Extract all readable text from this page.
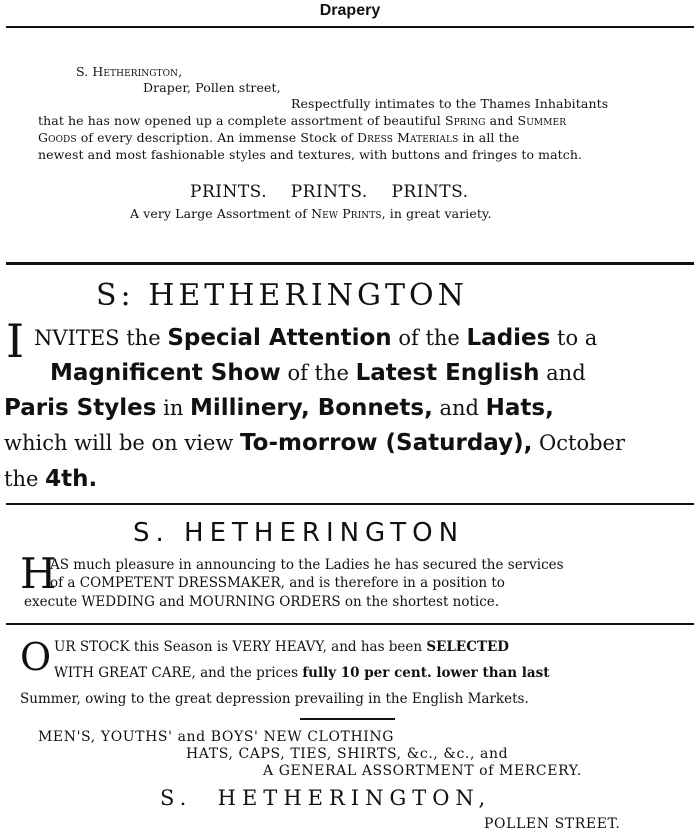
Drapery
S. Hetherington,
Draper, Pollen street,
Respectfully intimates to the Thames Inhabitants
that he has now opened up a complete assortment of beautiful Spring and Summer
Goods of every description. An immense Stock of Dress Materials in all the
newest and most fashionable styles and textures, with buttons and fringes to match.
PRINTS.    PRINTS.    PRINTS.
A very Large Assortment of New Prints, in great variety.
S: HETHERINGTON
I NVITES the Special Attention of the Ladies to a
Magnificent Show of the Latest English and
Paris Styles in Millinery, Bonnets, and Hats,
which will be on view To-morrow (Saturday), October
the 4th.
S. HETHERINGTON
H
AS much pleasure in announcing to the Ladies he has secured the services
of a COMPETENT DRESSMAKER, and is therefore in a position to
execute WEDDING and MOURNING ORDERS on the shortest notice.
O UR STOCK this Season is VERY HEAVY, and has been SELECTED
WITH GREAT CARE, and the prices fully 10 per cent. lower than last
Summer, owing to the great depression prevailing in the English Markets.
MEN'S, YOUTHS' and BOYS' NEW CLOTHING
HATS, CAPS, TIES, SHIRTS, &c., &c., and
A GENERAL ASSORTMENT of MERCERY.
S.  HETHERINGTON,
POLLEN STREET.
